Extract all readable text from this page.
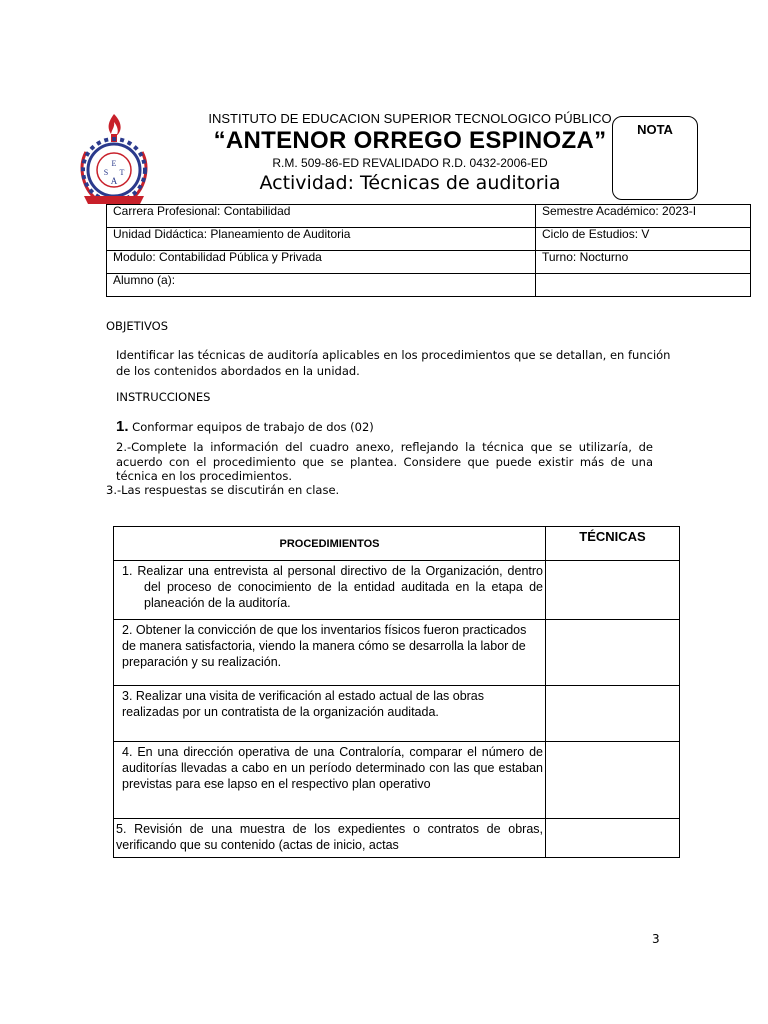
E
S T
A
INSTITUTO DE EDUCACION SUPERIOR TECNOLOGICO PÚBLICO
“ANTENOR ORREGO ESPINOZA”
R.M. 509-86-ED REVALIDADO R.D. 0432-2006-ED
Actividad: Técnicas de auditoria
NOTA
Carrera Profesional: Contabilidad	Semestre Académico: 2023-I
Unidad Didáctica: Planeamiento de Auditoria	Ciclo de Estudios: V
Modulo: Contabilidad Pública y Privada	Turno: Nocturno
Alumno (a):	
OBJETIVOS
Identificar las técnicas de auditoría aplicables en los procedimientos que se detallan, en función de los contenidos abordados en la unidad.
INSTRUCCIONES
1. Conformar equipos de trabajo de dos (02)
2.-Complete la información del cuadro anexo, reflejando la técnica que se utilizaría, de acuerdo con el procedimiento que se plantea. Considere que puede existir más de una técnica en los procedimientos.
3.-Las respuestas se discutirán en clase.
PROCEDIMIENTOS	TÉCNICAS
1. Realizar una entrevista al personal directivo de la Organización, dentro del proceso de conocimiento de la entidad auditada en la etapa de planeación de la auditoría.	
2. Obtener la convicción de que los inventarios físicos fueron practicados de manera satisfactoria, viendo la manera cómo se desarrolla la labor de preparación y su realización.	
3. Realizar una visita de verificación al estado actual de las obras realizadas por un contratista de la organización auditada.	
4. En una dirección operativa de una Contraloría, comparar el número de auditorías llevadas a cabo en un período determinado con las que estaban previstas para ese lapso en el respectivo plan operativo	
5. Revisión de una muestra de los expedientes o contratos de obras, verificando que su contenido (actas de inicio, actas	
3
